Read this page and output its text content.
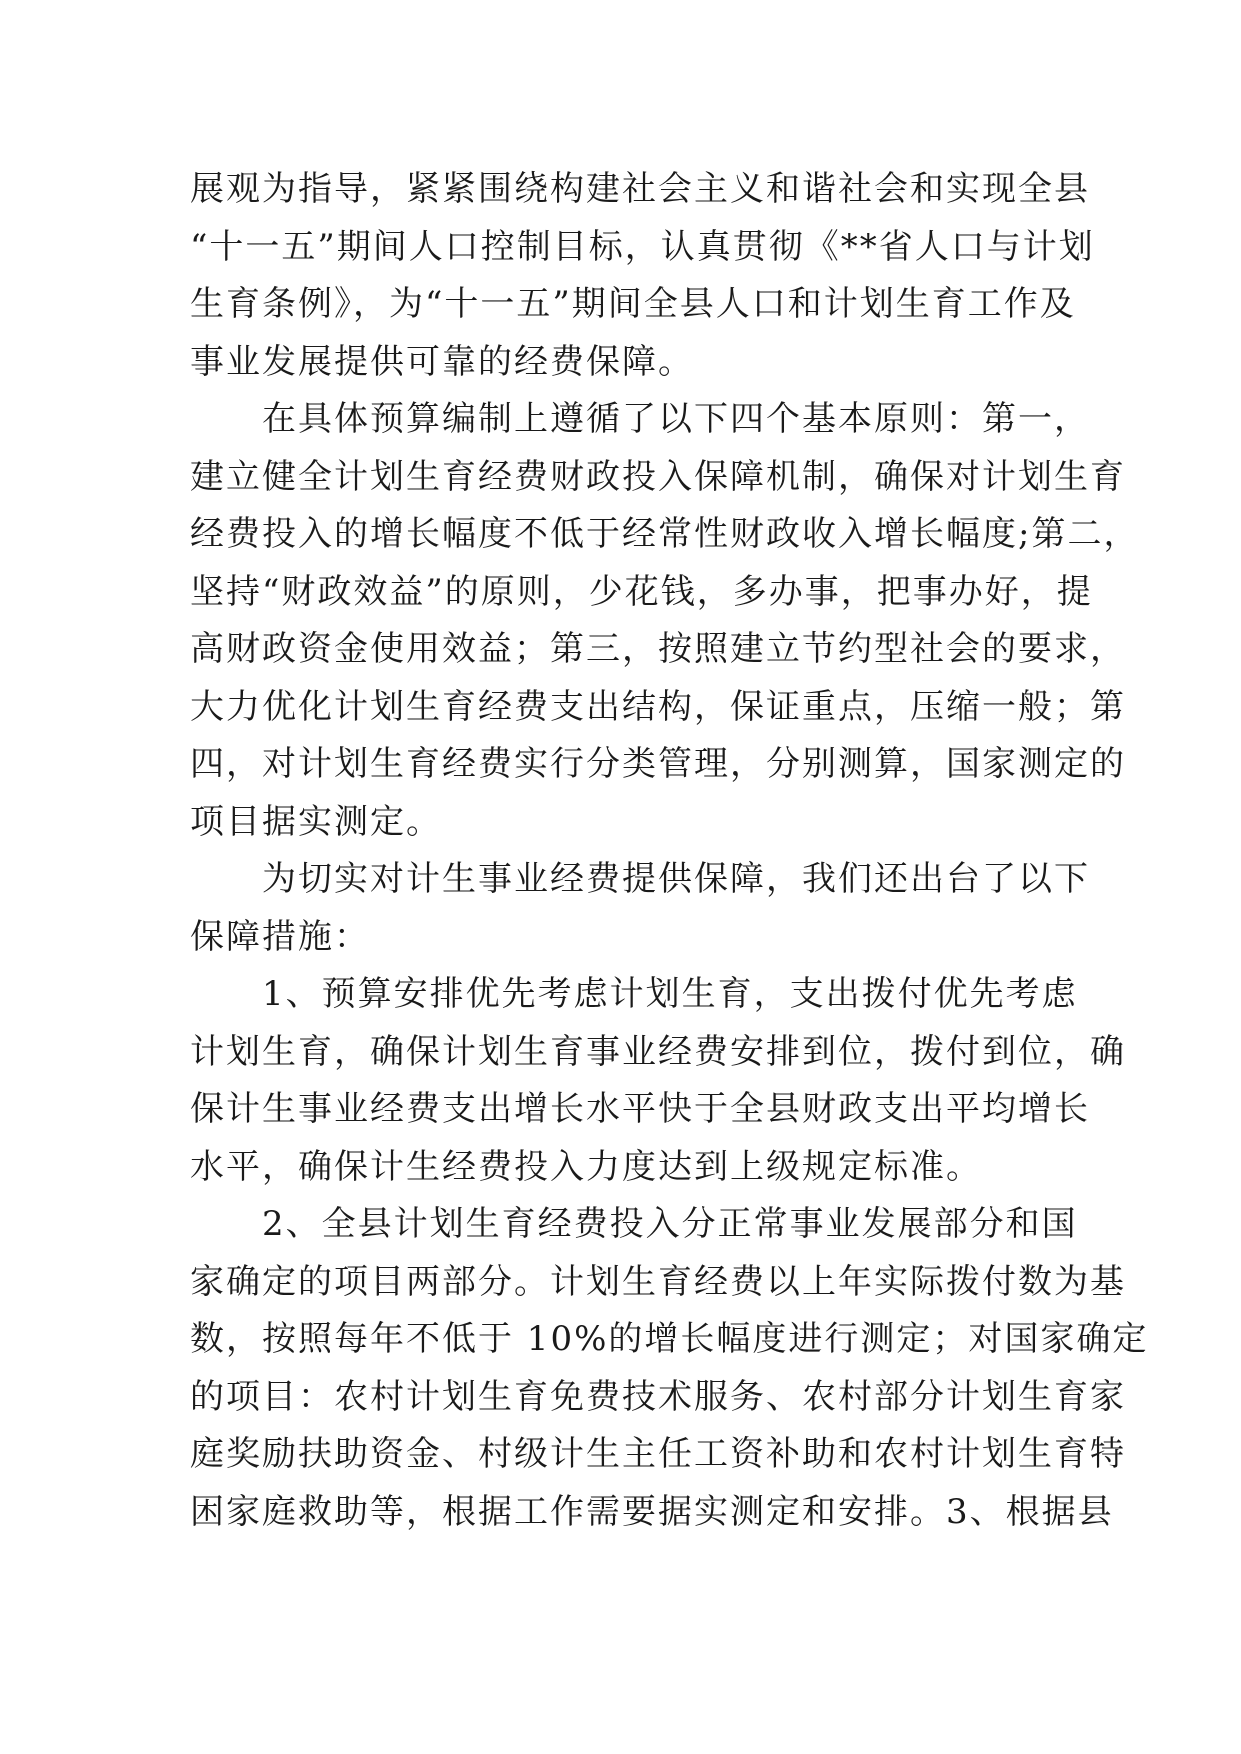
展观为指导，紧紧围绕构建社会主义和谐社会和实现全县
“十一五”期间人口控制目标，认真贯彻《**省人口与计划
生育条例》，为“十一五”期间全县人口和计划生育工作及
事业发展提供可靠的经费保障。
　　在具体预算编制上遵循了以下四个基本原则：第一，
建立健全计划生育经费财政投入保障机制，确保对计划生育
经费投入的增长幅度不低于经常性财政收入增长幅度;第二，
坚持“财政效益”的原则，少花钱，多办事，把事办好，提
高财政资金使用效益；第三，按照建立节约型社会的要求，
大力优化计划生育经费支出结构，保证重点，压缩一般；第
四，对计划生育经费实行分类管理，分别测算，国家测定的
项目据实测定。
　　为切实对计生事业经费提供保障，我们还出台了以下
保障措施：
　　1、预算安排优先考虑计划生育，支出拨付优先考虑
计划生育，确保计划生育事业经费安排到位，拨付到位，确
保计生事业经费支出增长水平快于全县财政支出平均增长
水平，确保计生经费投入力度达到上级规定标准。
　　2、全县计划生育经费投入分正常事业发展部分和国
家确定的项目两部分。计划生育经费以上年实际拨付数为基
数，按照每年不低于 10%的增长幅度进行测定；对国家确定
的项目：农村计划生育免费技术服务、农村部分计划生育家
庭奖励扶助资金、村级计生主任工资补助和农村计划生育特
困家庭救助等，根据工作需要据实测定和安排。3、根据县
